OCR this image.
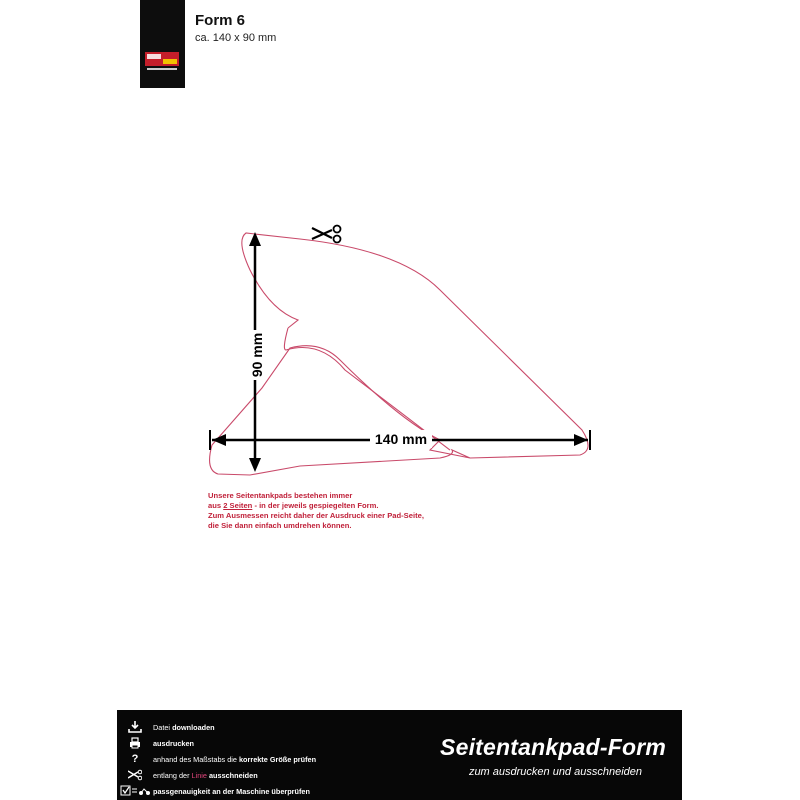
Form 6
ca. 140 x 90 mm
140 mm
90 mm
Unsere Seitentankpads bestehen immer
aus 2 Seiten - in der jeweils gespiegelten Form.
Zum Ausmessen reicht daher der Ausdruck einer Pad-Seite,
die Sie dann einfach umdrehen können.
Datei downloaden
ausdrucken
?	anhand des Maßstabs die korrekte Größe prüfen
entlang der Linie ausschneiden
passgenauigkeit an der Maschine überprüfen
Seitentankpad-Form
zum ausdrucken und ausschneiden
